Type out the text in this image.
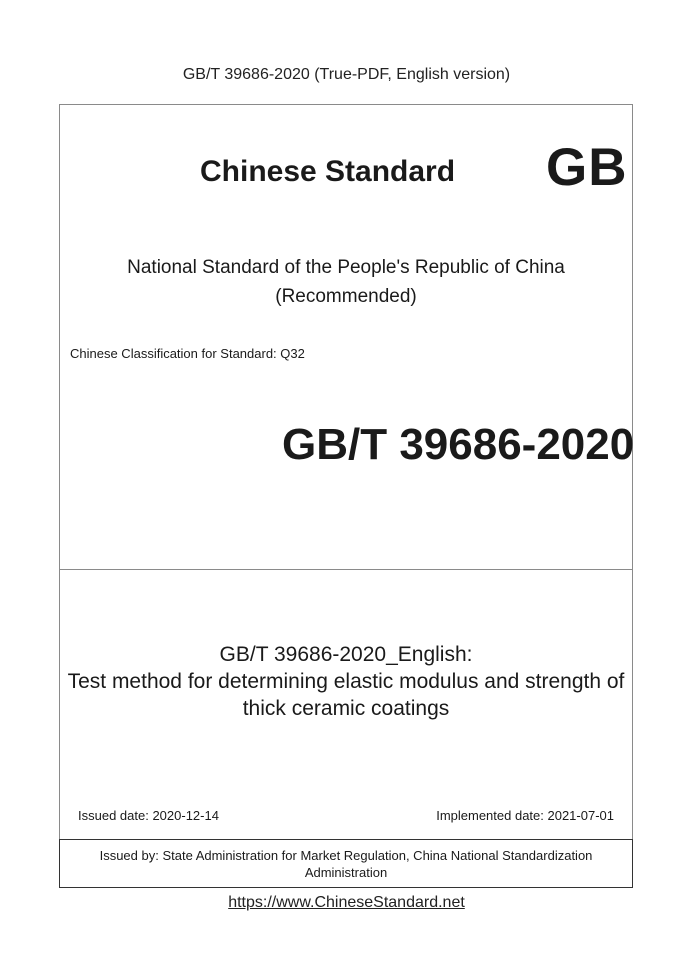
GB/T 39686-2020 (True-PDF, English version)
Chinese Standard GB
National Standard of the People's Republic of China
(Recommended)
Chinese Classification for Standard: Q32
GB/T 39686-2020
GB/T 39686-2020_English:
Test method for determining elastic modulus and strength of
thick ceramic coatings
Issued date: 2020-12-14	Implemented date: 2021-07-01
Issued by: State Administration for Market Regulation, China National Standardization
Administration
https://www.ChineseStandard.net
